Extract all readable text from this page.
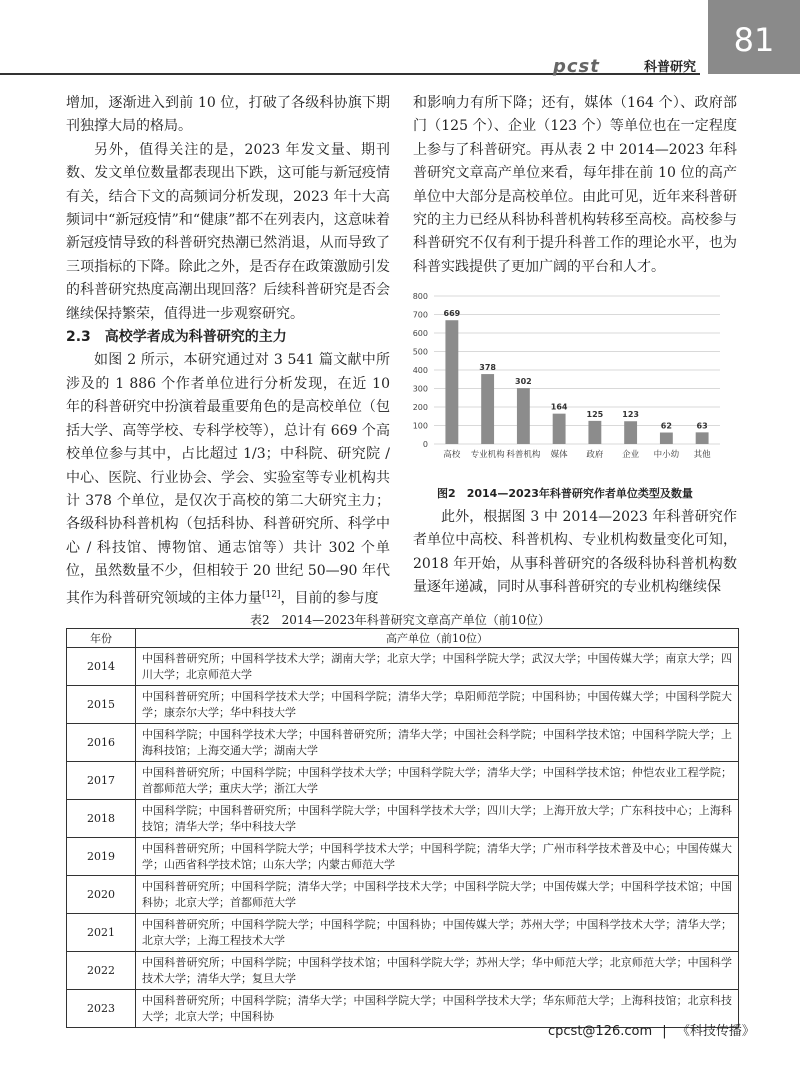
pcst	科普研究
81

增加，逐渐进入到前 10 位，打破了各级科协旗下期刊独撑大局的格局。

另外，值得关注的是，2023 年发文量、期刊数、发文单位数量都表现出下跌，这可能与新冠疫情有关，结合下文的高频词分析发现，2023 年十大高频词中“新冠疫情”和“健康”都不在列表内，这意味着新冠疫情导致的科普研究热潮已然消退，从而导致了三项指标的下降。除此之外，是否存在政策激励引发的科普研究热度高潮出现回落？后续科普研究是否会继续保持繁荣，值得进一步观察研究。

2.3　高校学者成为科普研究的主力

如图 2 所示，本研究通过对 3 541 篇文献中所涉及的 1 886 个作者单位进行分析发现，在近 10 年的科普研究中扮演着最重要角色的是高校单位（包括大学、高等学校、专科学校等），总计有 669 个高校单位参与其中，占比超过 1/3；中科院、研究院 / 中心、医院、行业协会、学会、实验室等专业机构共计 378 个单位，是仅次于高校的第二大研究主力；各级科协科普机构（包括科协、科普研究所、科学中心 / 科技馆、博物馆、通志馆等）共计 302 个单位，虽然数量不少，但相较于 20 世纪 50—90 年代其作为科普研究领域的主体力量[12]，目前的参与度

和影响力有所下降；还有，媒体（164 个）、政府部门（125 个）、企业（123 个）等单位也在一定程度上参与了科普研究。再从表 2 中 2014—2023 年科普研究文章高产单位来看，每年排在前 10 位的高产单位中大部分是高校单位。由此可见，近年来科普研究的主力已经从科协科普机构转移至高校。高校参与科普研究不仅有利于提升科普工作的理论水平，也为科普实践提供了更加广阔的平台和人才。

0
100
200
300
400
500
600
700
800
669
高校
378
专业机构
302
科普机构
164
媒体
125
政府
123
企业
62
中小幼
63
其他
图2　2014—2023年科普研究作者单位类型及数量

此外，根据图 3 中 2014—2023 年科普研究作者单位中高校、科普机构、专业机构数量变化可知，2018 年开始，从事科普研究的各级科协科普机构数量逐年递减，同时从事科普研究的专业机构继续保

表2　2014—2023年科普研究文章高产单位（前10位）
年份	高产单位（前10位）
2014	中国科普研究所；中国科学技术大学；湖南大学；北京大学；中国科学院大学；武汉大学；中国传媒大学；南京大学；四川大学；北京师范大学
2015	中国科普研究所；中国科学技术大学；中国科学院；清华大学；阜阳师范学院；中国科协；中国传媒大学；中国科学院大学；康奈尔大学；华中科技大学
2016	中国科学院；中国科学技术大学；中国科普研究所；清华大学；中国社会科学院；中国科学技术馆；中国科学院大学；上海科技馆；上海交通大学；湖南大学
2017	中国科普研究所；中国科学院；中国科学技术大学；中国科学院大学；清华大学；中国科学技术馆；仲恺农业工程学院；首都师范大学；重庆大学；浙江大学
2018	中国科学院；中国科普研究所；中国科学院大学；中国科学技术大学；四川大学；上海开放大学；广东科技中心；上海科技馆；清华大学；华中科技大学
2019	中国科普研究所；中国科学院大学；中国科学技术大学；中国科学院；清华大学；广州市科学技术普及中心；中国传媒大学；山西省科学技术馆；山东大学；内蒙古师范大学
2020	中国科普研究所；中国科学院；清华大学；中国科学技术大学；中国科学院大学；中国传媒大学；中国科学技术馆；中国科协；北京大学；首都师范大学
2021	中国科普研究所；中国科学院大学；中国科学院；中国科协；中国传媒大学；苏州大学；中国科学技术大学；清华大学；北京大学；上海工程技术大学
2022	中国科普研究所；中国科学院；中国科学技术馆；中国科学院大学；苏州大学；华中师范大学；北京师范大学；中国科学技术大学；清华大学；复旦大学
2023	中国科普研究所；中国科学院；清华大学；中国科学院大学；中国科学技术大学；华东师范大学；上海科技馆；北京科技大学；北京大学；中国科协
cpcst@126.com | 《科技传播》
